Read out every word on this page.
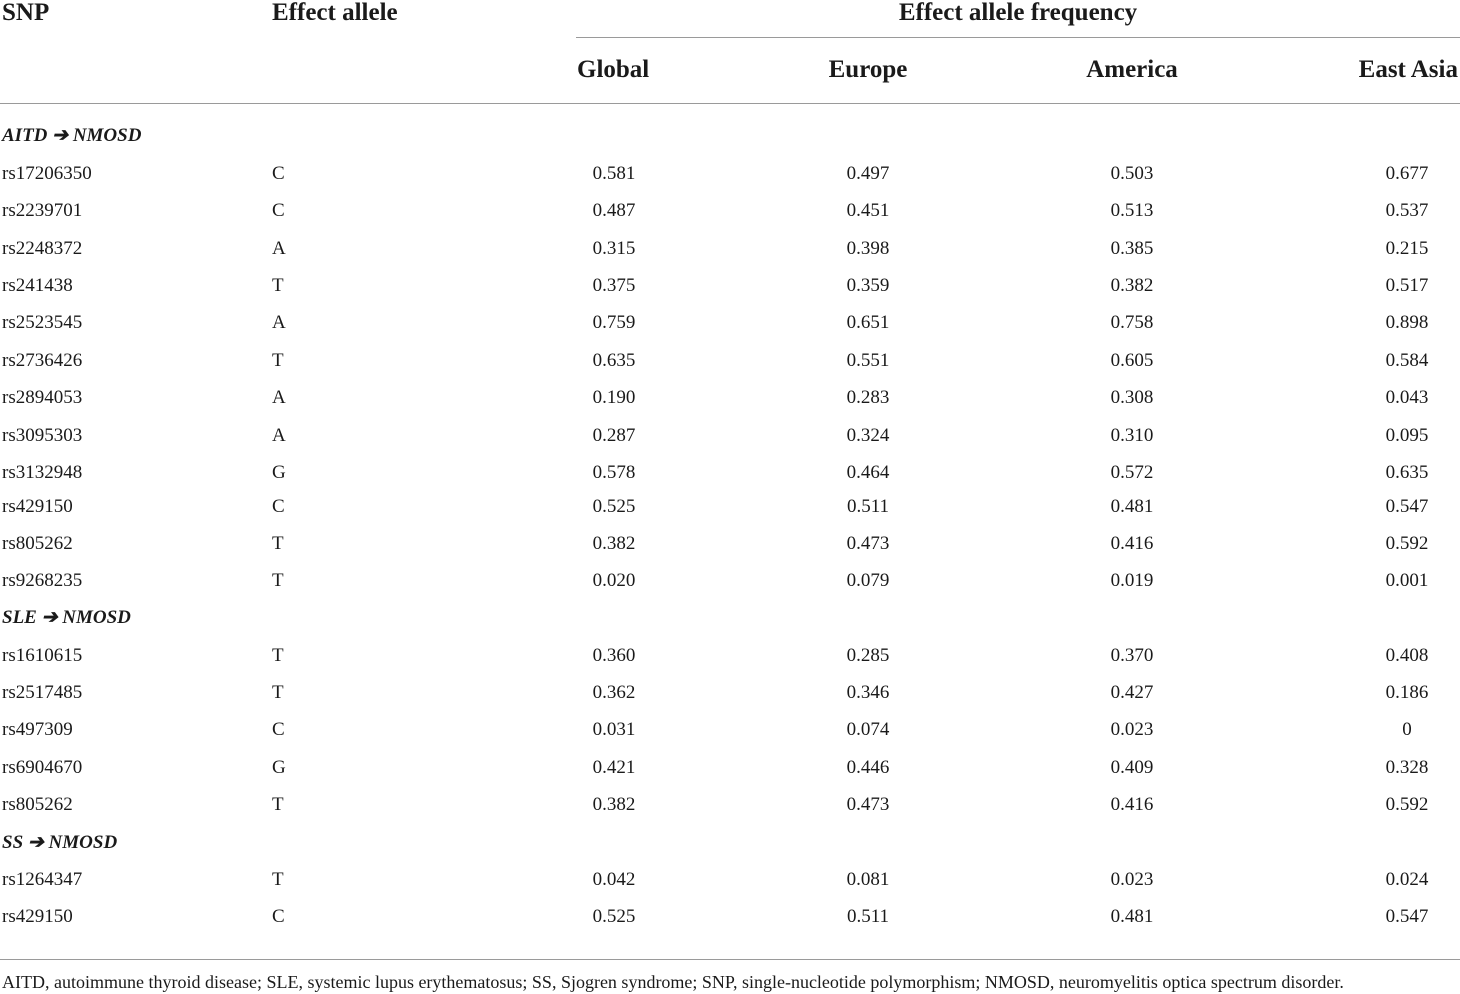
SNP	Effect allele	Effect allele frequency
Global	Europe	America	East Asia
AITD ➔ NMOSD
rs17206350	C	0.581	0.497	0.503	0.677
rs2239701	C	0.487	0.451	0.513	0.537
rs2248372	A	0.315	0.398	0.385	0.215
rs241438	T	0.375	0.359	0.382	0.517
rs2523545	A	0.759	0.651	0.758	0.898
rs2736426	T	0.635	0.551	0.605	0.584
rs2894053	A	0.190	0.283	0.308	0.043
rs3095303	A	0.287	0.324	0.310	0.095
rs3132948	G	0.578	0.464	0.572	0.635
rs429150	C	0.525	0.511	0.481	0.547
rs805262	T	0.382	0.473	0.416	0.592
rs9268235	T	0.020	0.079	0.019	0.001
SLE ➔ NMOSD
rs1610615	T	0.360	0.285	0.370	0.408
rs2517485	T	0.362	0.346	0.427	0.186
rs497309	C	0.031	0.074	0.023	0
rs6904670	G	0.421	0.446	0.409	0.328
rs805262	T	0.382	0.473	0.416	0.592
SS ➔ NMOSD
rs1264347	T	0.042	0.081	0.023	0.024
rs429150	C	0.525	0.511	0.481	0.547
AITD, autoimmune thyroid disease; SLE, systemic lupus erythematosus; SS, Sjogren syndrome; SNP, single-nucleotide polymorphism; NMOSD, neuromyelitis optica spectrum disorder.
